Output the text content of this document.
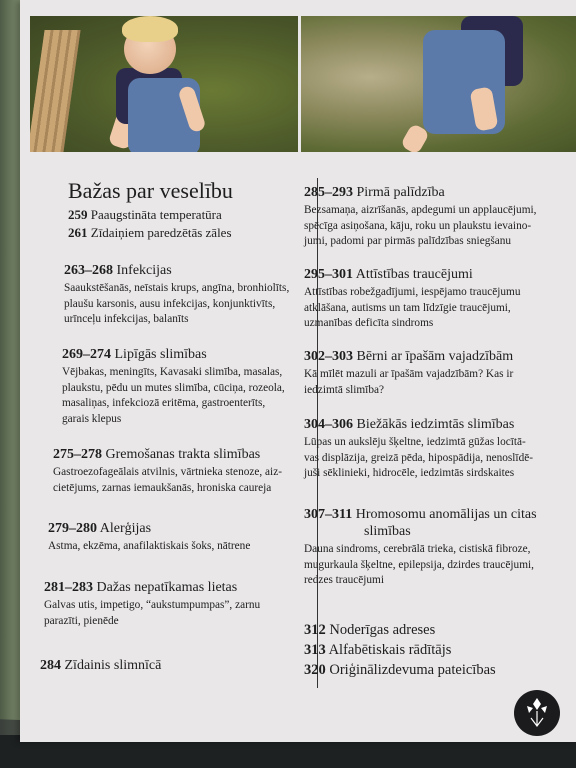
Bažas par veselību
259 Paaugstināta temperatūra
261 Zīdaiņiem paredzētās zāles
263–268 Infekcijas
Saaukstēšanās, neīstais krups, angīna, bronhiolīts,
plaušu karsonis, ausu infekcijas, konjunktivīts,
urīnceļu infekcijas, balanīts
269–274 Lipīgās slimības
Vējbakas, meningīts, Kavasaki slimība, masalas,
plaukstu, pēdu un mutes slimība, cūciņa, rozeola,
masaliņas, infekciozā eritēma, gastroenterīts,
garais klepus
275–278 Gremošanas trakta slimības
Gastroezofageālais atvilnis, vārtnieka stenoze, aiz-
cietējums, zarnas iemaukšanās, hroniska caureja
279–280 Alerģijas
Astma, ekzēma, anafilaktiskais šoks, nātrene
281–283 Dažas nepatīkamas lietas
Galvas utis, impetigo, “aukstumpumpas”, zarnu
parazīti, pienēde
284 Zīdainis slimnīcā
285–293 Pirmā palīdzība
Bezsamaņa, aizrīšanās, apdegumi un applaucējumi,
spēcīga asiņošana, kāju, roku un plaukstu ievaino-
jumi, padomi par pirmās palīdzības sniegšanu
295–301 Attīstības traucējumi
Attīstības robežgadījumi, iespējamo traucējumu
atklāšana, autisms un tam līdzīgie traucējumi,
uzmanības deficīta sindroms
302–303 Bērni ar īpašām vajadzībām
Kā mīlēt mazuli ar īpašām vajadzībām? Kas ir
iedzimtā slimība?
304–306 Biežākās iedzimtās slimības
Lūpas un aukslēju šķeltne, iedzimtā gūžas locītā-
vas displāzija, greizā pēda, hipospādija, nenoslīdē-
juši sēklinieki, hidrocēle, iedzimtās sirdskaites
307–311 Hromosomu anomālijas un citas
slimības
Dauna sindroms, cerebrālā trieka, cistiskā fibroze,
mugurkaula šķeltne, epilepsija, dzirdes traucējumi,
redzes traucējumi
312 Noderīgas adreses
313 Alfabētiskais rādītājs
320 Oriģinālizdevuma pateicības
